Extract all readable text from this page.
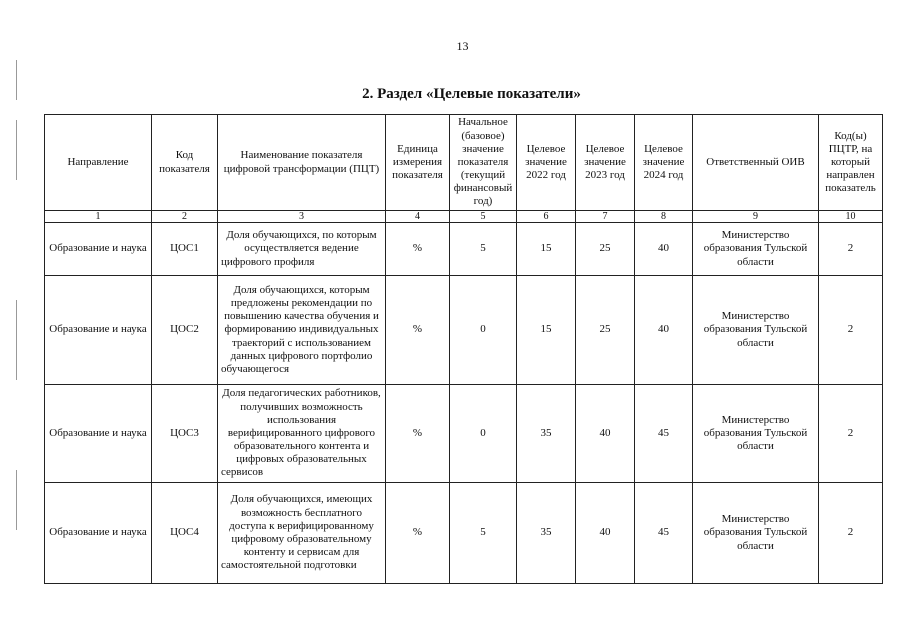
13
2. Раздел «Целевые показатели»
Направление	Код показателя	Наименование показателя цифровой трансформации (ПЦТ)	Единица измерения показателя	Начальное (базовое) значение показателя (текущий финансовый год)	Целевое значение 2022 год	Целевое значение 2023 год	Целевое значение 2024 год	Ответственный ОИВ	Код(ы) ПЦТР, на который направлен показатель
1	2	3	4	5	6	7	8	9	10
Образование и наука	ЦОС1	Доля обучающихся, по которым осуществляется ведение цифрового профиля	%	5	15	25	40	Министерство образования Тульской области	2
Образование и наука	ЦОС2	Доля обучающихся, которым предложены рекомендации по повышению качества обучения и формированию индивидуальных траекторий с использованием данных цифрового портфолио обучающегося	%	0	15	25	40	Министерство образования Тульской области	2
Образование и наука	ЦОС3	Доля педагогических работников, получивших возможность использования верифицированного цифрового образовательного контента и цифровых образовательных сервисов	%	0	35	40	45	Министерство образования Тульской области	2
Образование и наука	ЦОС4	Доля обучающихся, имеющих возможность бесплатного доступа к верифицированному цифровому образовательному контенту и сервисам для самостоятельной подготовки	%	5	35	40	45	Министерство образования Тульской области	2
